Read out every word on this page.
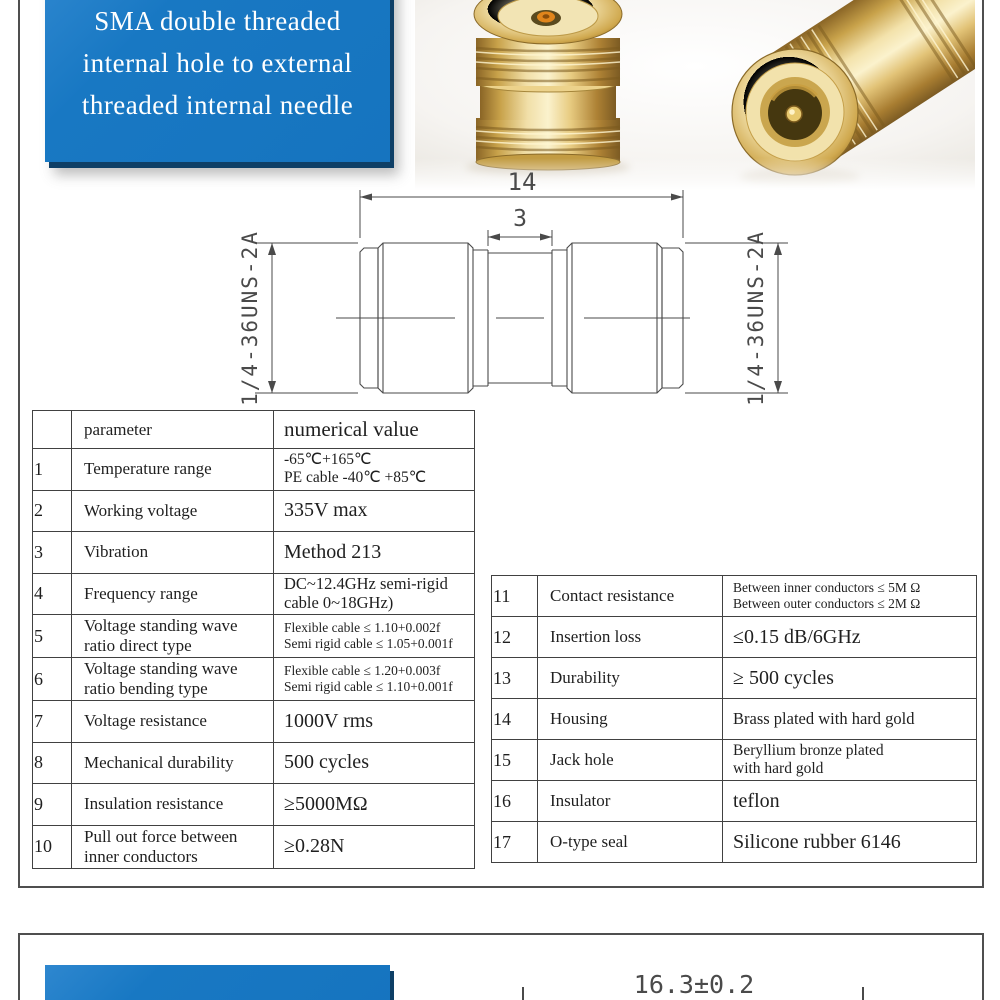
SMA double threaded
internal hole to external
threaded internal needle
14
3
1/4-36UNS-2A	1/4-36UNS-2A
	parameter	numerical value
1	Temperature range	-65℃+165℃
PE cable -40℃ +85℃

2	Working voltage	335V max
3	Vibration	Method 213
4	Frequency range	DC~12.4GHz semi-rigid
cable 0~18GHz)

5	Voltage standing wave ratio direct type	Flexible cable ≤ 1.10+0.002f
Semi rigid cable ≤ 1.05+0.001f

6	Voltage standing wave ratio bending type	Flexible cable ≤ 1.20+0.003f
Semi rigid cable ≤ 1.10+0.001f

7	Voltage resistance	1000V rms
8	Mechanical durability	500 cycles
9	Insulation resistance	≥5000MΩ
10	Pull out force between inner conductors	≥0.28N
11	Contact resistance	Between inner conductors ≤ 5M Ω
Between outer conductors ≤ 2M Ω

12	Insertion loss	≤0.15 dB/6GHz
13	Durability	≥ 500 cycles
14	Housing	Brass plated with hard gold
15	Jack hole	Beryllium bronze plated
with hard gold

16	Insulator	teflon
17	O-type seal	Silicone rubber 6146
16.3±0.2
